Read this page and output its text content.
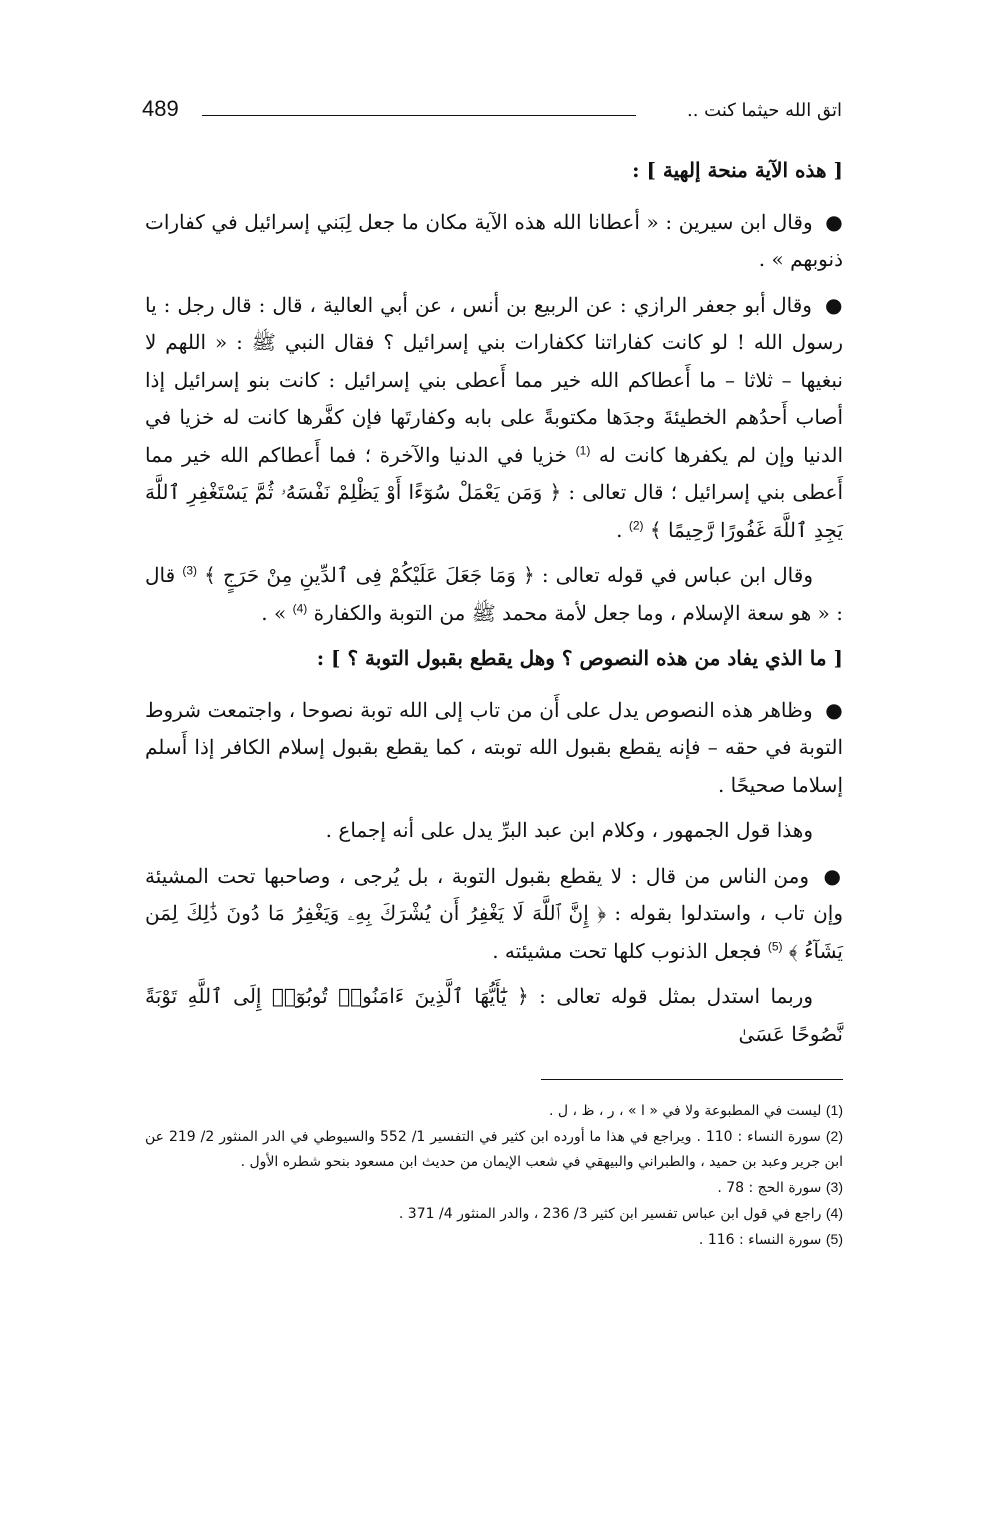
اتق الله حيثما كنت ..
489

[ هذه الآية منحة إلهية ] :

● وقال ابن سيرين : « أعطانا الله هذه الآية مكان ما جعل لِبَني إسرائيل في كفارات ذنوبهم » .

● وقال أبو جعفر الرازي : عن الربيع بن أنس ، عن أبي العالية ، قال : قال رجل : يا رسول الله ! لو كانت كفاراتنا ككفارات بني إسرائيل ؟ فقال النبي ﷺ : « اللهم لا نبغيها – ثلاثا – ما أَعطاكم الله خير مما أَعطى بني إسرائيل : كانت بنو إسرائيل إذا أصاب أَحدُهم الخطيئةَ وجدَها مكتوبةً على بابه وكفارتَها فإن كفَّرها كانت له خزيا في الدنيا وإن لم يكفرها كانت له $^{(1)}$ خزيا في الدنيا والآخرة ؛ فما أَعطاكم الله خير مما أَعطى بني إسرائيل ؛ قال تعالى : ﴿ وَمَن يَعْمَلْ سُوٓءًا أَوْ يَظْلِمْ نَفْسَهُۥ ثُمَّ يَسْتَغْفِرِ ٱللَّهَ يَجِدِ ٱللَّهَ غَفُورًا رَّحِيمًا ﴾ $^{(2)}$ .

وقال ابن عباس في قوله تعالى : ﴿ وَمَا جَعَلَ عَلَيْكُمْ فِى ٱلدِّينِ مِنْ حَرَجٍ ﴾ $^{(3)}$ قال : « هو سعة الإسلام ، وما جعل لأمة محمد ﷺ من التوبة والكفارة $^{(4)}$ » .

[ ما الذي يفاد من هذه النصوص ؟ وهل يقطع بقبول التوبة ؟ ] :

● وظاهر هذه النصوص يدل على أَن من تاب إلى الله توبة نصوحا ، واجتمعت شروط التوبة في حقه – فإنه يقطع بقبول الله توبته ، كما يقطع بقبول إسلام الكافر إذا أَسلم إسلاما صحيحًا .

وهذا قول الجمهور ، وكلام ابن عبد البرِّ يدل على أنه إجماع .

● ومن الناس من قال : لا يقطع بقبول التوبة ، بل يُرجى ، وصاحبها تحت المشيئة وإن تاب ، واستدلوا بقوله : ﴿ إِنَّ ٱللَّهَ لَا يَغْفِرُ أَن يُشْرَكَ بِهِۦ وَيَغْفِرُ مَا دُونَ ذَٰلِكَ لِمَن يَشَآءُ ﴾ $^{(5)}$ فجعل الذنوب كلها تحت مشيئته .

وربما استدل بمثل قوله تعالى : ﴿ يَٰٓأَيُّهَا ٱلَّذِينَ ءَامَنُوا۟ تُوبُوٓا۟ إِلَى ٱللَّهِ تَوْبَةً نَّصُوحًا عَسَىٰ

(1) ليست في المطبوعة ولا في « ا » ، ر ، ظ ، ل .

(2) سورة النساء : 110 . ويراجع في هذا ما أورده ابن كثير في التفسير 1/ 552 والسيوطي في الدر المنثور 2/ 219 عن ابن جرير وعبد بن حميد ، والطبراني والبيهقي في شعب الإيمان من حديث ابن مسعود بنحو شطره الأول .

(3) سورة الحج : 78 .

(4) راجع في قول ابن عباس تفسير ابن كثير 3/ 236 ، والدر المنثور 4/ 371 .

(5) سورة النساء : 116 .
